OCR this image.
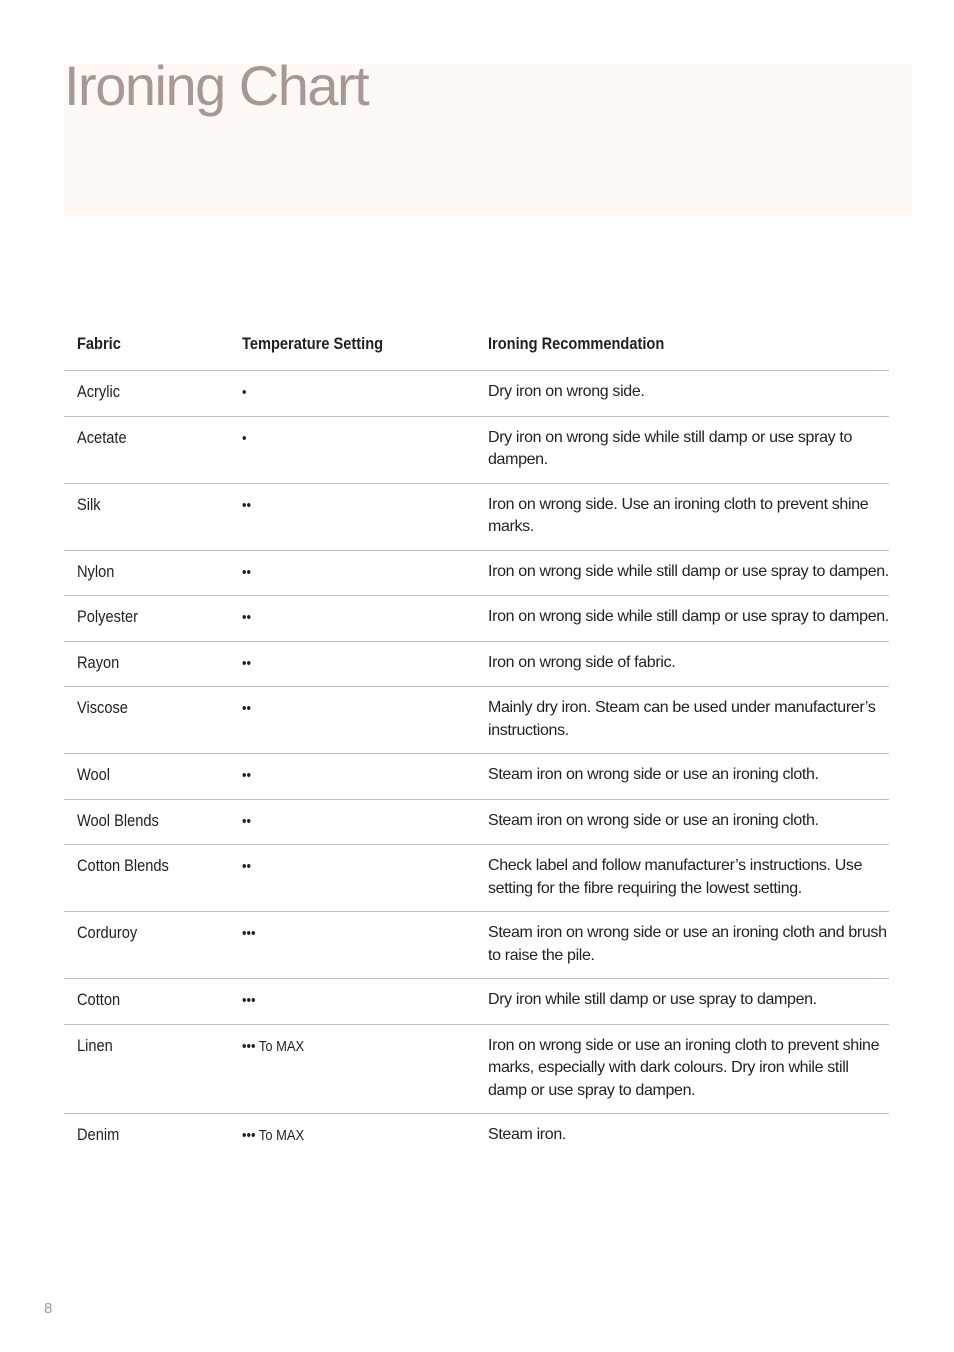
Ironing Chart
Fabric	Temperature Setting	Ironing Recommendation
Acrylic	•	Dry iron on wrong side.

Acetate	•	Dry iron on wrong side while still damp or use spray to dampen.

Silk	••	Iron on wrong side. Use an ironing cloth to prevent shine marks.

Nylon	••	Iron on wrong side while still damp or use spray to dampen.

Polyester	••	Iron on wrong side while still damp or use spray to dampen.

Rayon	••	Iron on wrong side of fabric.

Viscose	••	Mainly dry iron. Steam can be used under manufacturer’s instructions.

Wool	••	Steam iron on wrong side or use an ironing cloth.

Wool Blends	••	Steam iron on wrong side or use an ironing cloth.

Cotton Blends	••	Check label and follow manufacturer’s instructions. Use setting for the fibre requiring the lowest setting.

Corduroy	•••	Steam iron on wrong side or use an ironing cloth and brush to raise the pile.

Cotton	•••	Dry iron while still damp or use spray to dampen.

Linen	••• To MAX	Iron on wrong side or use an ironing cloth to prevent shine marks, especially with dark colours. Dry iron while still damp or use spray to dampen.

Denim	••• To MAX	Steam iron.
8
